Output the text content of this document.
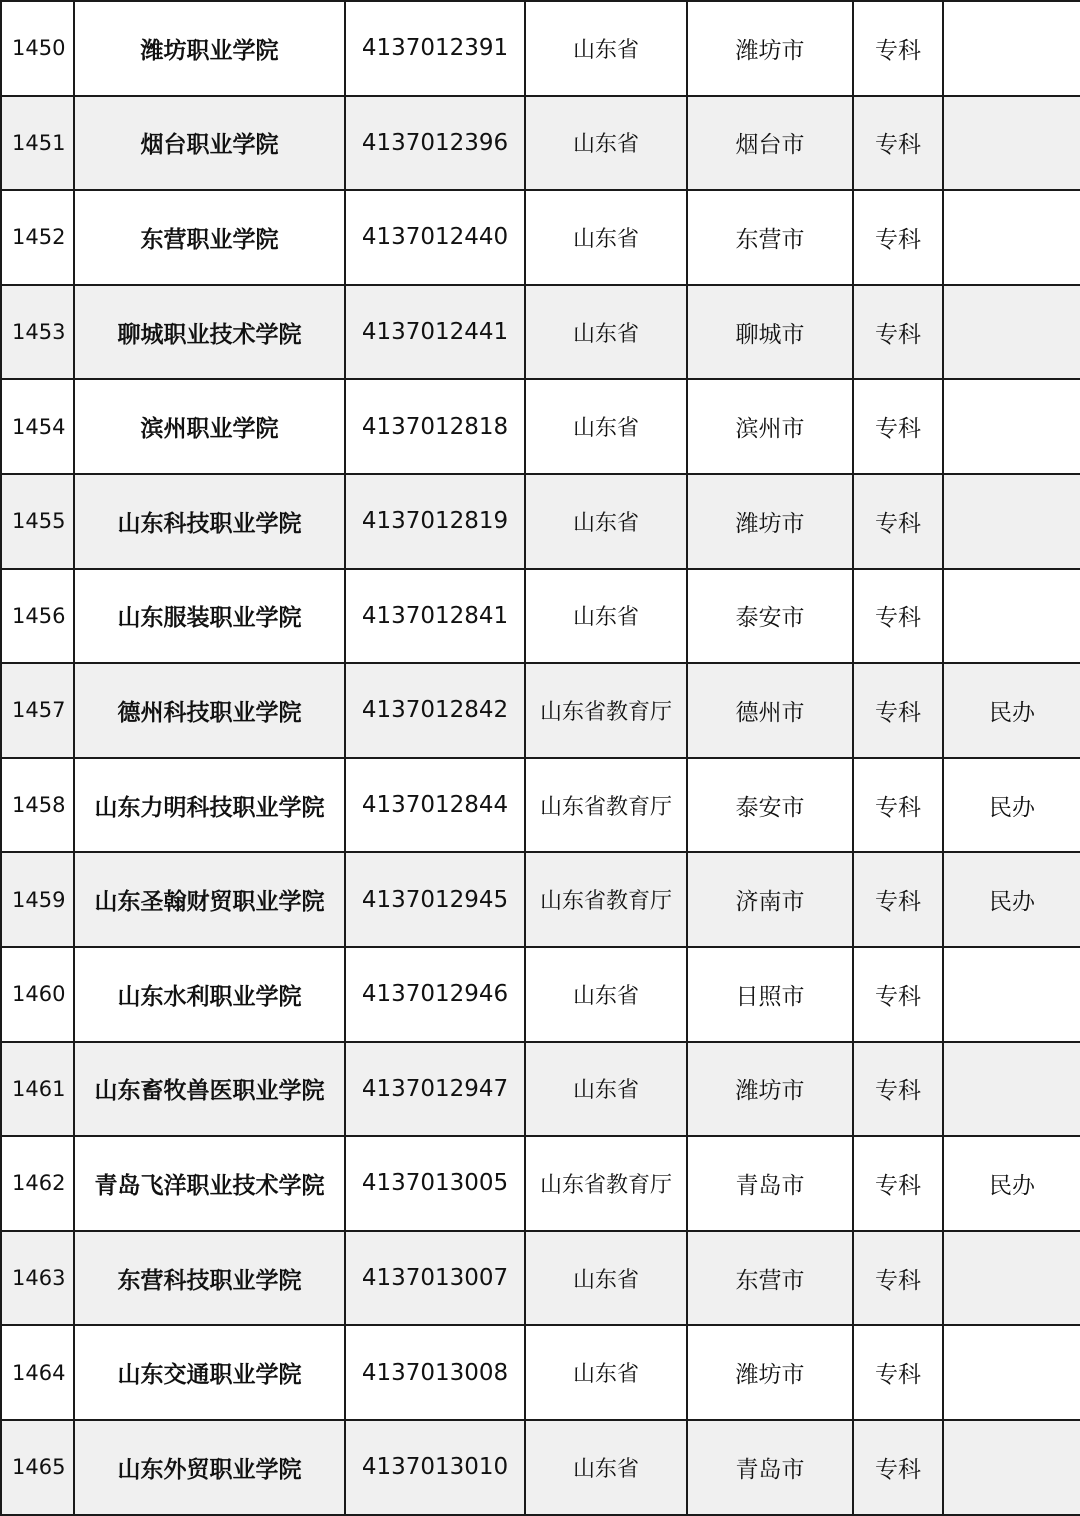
1450	潍坊职业学院	4137012391	山东省	潍坊市	专科	
1451	烟台职业学院	4137012396	山东省	烟台市	专科	
1452	东营职业学院	4137012440	山东省	东营市	专科	
1453	聊城职业技术学院	4137012441	山东省	聊城市	专科	
1454	滨州职业学院	4137012818	山东省	滨州市	专科	
1455	山东科技职业学院	4137012819	山东省	潍坊市	专科	
1456	山东服装职业学院	4137012841	山东省	泰安市	专科	
1457	德州科技职业学院	4137012842	山东省教育厅	德州市	专科	民办
1458	山东力明科技职业学院	4137012844	山东省教育厅	泰安市	专科	民办
1459	山东圣翰财贸职业学院	4137012945	山东省教育厅	济南市	专科	民办
1460	山东水利职业学院	4137012946	山东省	日照市	专科	
1461	山东畜牧兽医职业学院	4137012947	山东省	潍坊市	专科	
1462	青岛飞洋职业技术学院	4137013005	山东省教育厅	青岛市	专科	民办
1463	东营科技职业学院	4137013007	山东省	东营市	专科	
1464	山东交通职业学院	4137013008	山东省	潍坊市	专科	
1465	山东外贸职业学院	4137013010	山东省	青岛市	专科	
